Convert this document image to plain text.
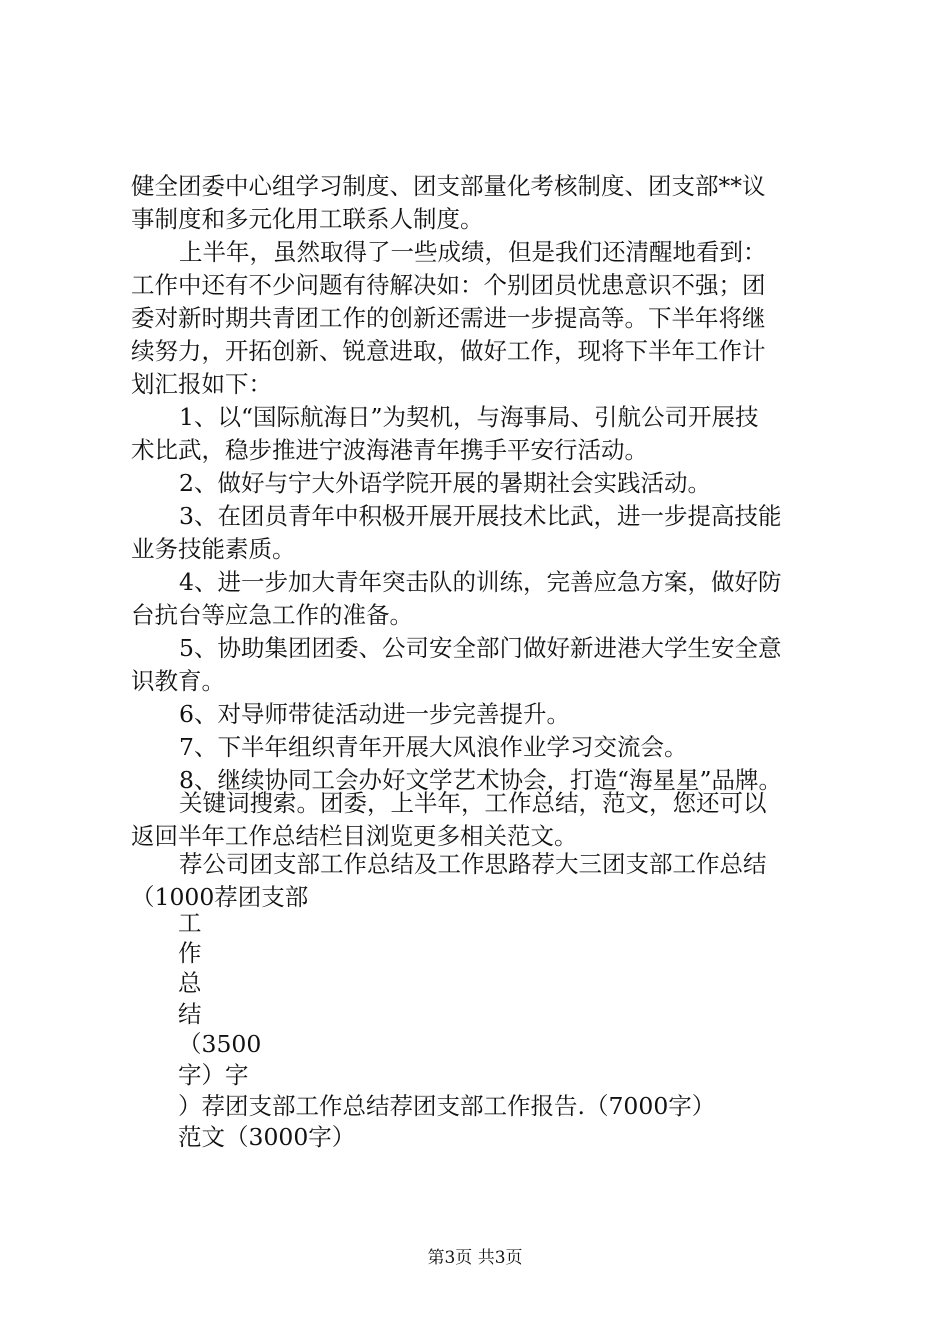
健全团委中心组学习制度、团支部量化考核制度、团支部**议
事制度和多元化用工联系人制度。
上半年，虽然取得了一些成绩，但是我们还清醒地看到：
工作中还有不少问题有待解决如：个别团员忧患意识不强；团
委对新时期共青团工作的创新还需进一步提高等。下半年将继
续努力，开拓创新、锐意进取，做好工作，现将下半年工作计
划汇报如下：
1、以“国际航海日”为契机，与海事局、引航公司开展技
术比武，稳步推进宁波海港青年携手平安行活动。
2、做好与宁大外语学院开展的暑期社会实践活动。
3、在团员青年中积极开展开展技术比武，进一步提高技能
业务技能素质。
4、进一步加大青年突击队的训练，完善应急方案，做好防
台抗台等应急工作的准备。
5、协助集团团委、公司安全部门做好新进港大学生安全意
识教育。
6、对导师带徒活动进一步完善提升。
7、下半年组织青年开展大风浪作业学习交流会。
8、继续协同工会办好文学艺术协会，打造“海星星”品牌。
关键词搜索。团委，上半年，工作总结，范文，您还可以
返回半年工作总结栏目浏览更多相关范文。
荐公司团支部工作总结及工作思路荐大三团支部工作总结
（1000荐团支部
工
作
总
结
（3500
字）字
）荐团支部工作总结荐团支部工作报告.（7000字）
范文（3000字）
第3页 共3页
